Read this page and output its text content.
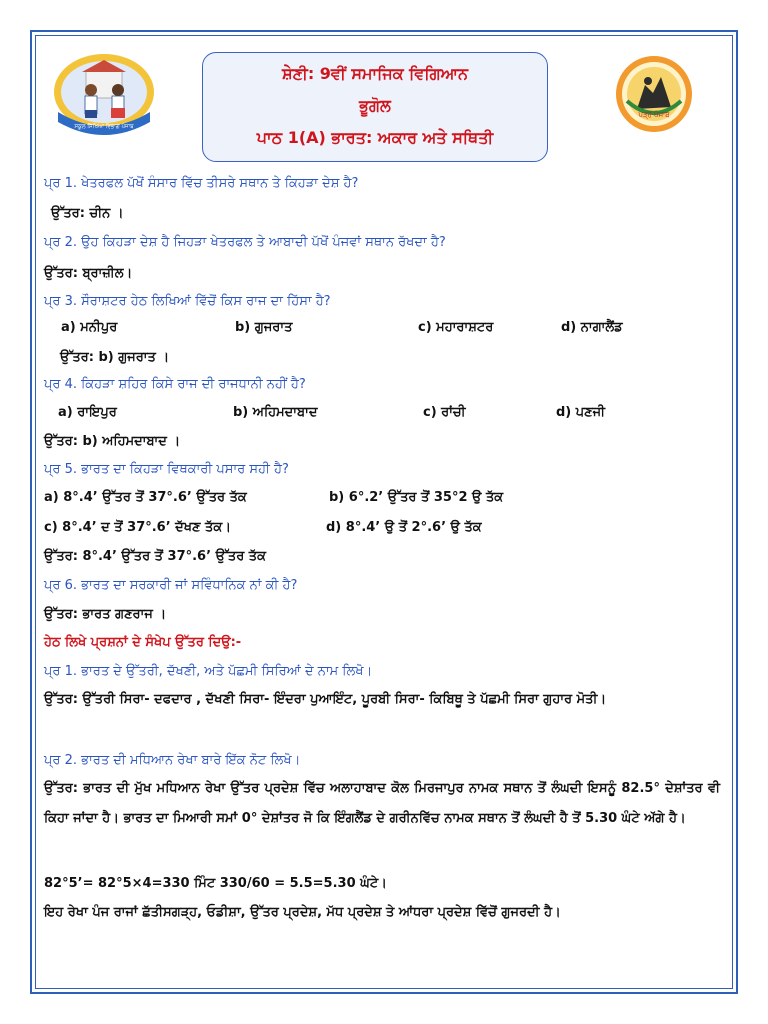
ਸਕੂਲ ਸਿੱਖਿਆ ਵਿਭਾਗ ਪੰਜਾਬ
ਸ਼ੇਣੀ: 9ਵੀਂ ਸਮਾਜਿਕ ਵਿਗਿਆਨ
ਭੂਗੋਲ
ਪਾਠ 1(A) ਭਾਰਤ: ਅਕਾਰ ਅਤੇ ਸਥਿਤੀ
ਪੜ੍ਹੋ ਪੰਜਾਬ
ਪ੍ਰ 1. ਖੇਤਰਫਲ ਪੱਖੋਂ ਸੰਸਾਰ ਵਿੱਚ ਤੀਸਰੇ ਸਥਾਨ ਤੇ ਕਿਹੜਾ ਦੇਸ਼ ਹੈ?
ਉੱਤਰ: ਚੀਨ ।
ਪ੍ਰ 2. ਉਹ ਕਿਹੜਾ ਦੇਸ਼ ਹੈ ਜਿਹੜਾ ਖੇਤਰਫਲ ਤੇ ਆਬਾਦੀ ਪੱਖੋਂ ਪੰਜਵਾਂ ਸਥਾਨ ਰੱਖਦਾ ਹੈ?
ਉੱਤਰ: ਬ੍ਰਾਜ਼ੀਲ।
ਪ੍ਰ 3. ਸੌਰਾਸ਼ਟਰ ਹੇਠ ਲਿਖਿਆਂ ਵਿੱਚੋਂ ਕਿਸ ਰਾਜ ਦਾ ਹਿੱਸਾ ਹੈ?
a) ਮਨੀਪੁਰ	b) ਗੁਜਰਾਤ	c) ਮਹਾਰਾਸ਼ਟਰ	d) ਨਾਗਾਲੈਂਡ
ਉੱਤਰ: b) ਗੁਜਰਾਤ ।
ਪ੍ਰ 4. ਕਿਹੜਾ ਸ਼ਹਿਰ ਕਿਸੇ ਰਾਜ ਦੀ ਰਾਜਧਾਨੀ ਨਹੀਂ ਹੈ?
a) ਰਾਇਪੁਰ	b) ਅਹਿਮਦਾਬਾਦ	c) ਰਾਂਚੀ	d) ਪਣਜੀ
ਉੱਤਰ: b) ਅਹਿਮਦਾਬਾਦ ।
ਪ੍ਰ 5. ਭਾਰਤ ਦਾ ਕਿਹੜਾ ਵਿਥਕਾਰੀ ਪਸਾਰ ਸਹੀ ਹੈ?
a) 8°.4’ ਉੱਤਰ ਤੋਂ 37°.6’ ਉੱਤਰ ਤੱਕ	b) 6°.2’ ਉੱਤਰ ਤੋਂ 35°2 ਉ ਤੱਕ
c) 8°.4’ ਦ ਤੋਂ 37°.6’ ਦੱਖਣ ਤੱਕ।	d) 8°.4’ ਉ ਤੋਂ 2°.6’ ਉ ਤੱਕ
ਉੱਤਰ: 8°.4’ ਉੱਤਰ ਤੋਂ 37°.6’ ਉੱਤਰ ਤੱਕ
ਪ੍ਰ 6. ਭਾਰਤ ਦਾ ਸਰਕਾਰੀ ਜਾਂ ਸਵਿੰਧਾਨਿਕ ਨਾਂ ਕੀ ਹੈ?
ਉੱਤਰ: ਭਾਰਤ ਗਣਰਾਜ ।
ਹੇਠ ਲਿਖੇ ਪ੍ਰਸ਼ਨਾਂ ਦੇ ਸੰਖੇਪ ਉੱਤਰ ਦਿਉ:-
ਪ੍ਰ 1. ਭਾਰਤ ਦੇ ਉੱਤਰੀ, ਦੱਖਣੀ, ਅਤੇ ਪੱਛਮੀ ਸਿਰਿਆਂ ਦੇ ਨਾਮ ਲਿਖੋ।
ਉੱਤਰ: ਉੱਤਰੀ ਸਿਰਾ- ਦਫਦਾਰ , ਦੱਖਣੀ ਸਿਰਾ- ਇੰਦਰਾ ਪੁਆਇੰਟ, ਪੂਰਬੀ ਸਿਰਾ- ਕਿਬਿਥੂ ਤੇ ਪੱਛਮੀ ਸਿਰਾ ਗੁਹਾਰ ਮੋਤੀ।
ਪ੍ਰ 2. ਭਾਰਤ ਦੀ ਮਧਿਆਨ ਰੇਖਾ ਬਾਰੇ ਇੱਕ ਨੋਟ ਲਿਖੋ।
ਉੱਤਰ: ਭਾਰਤ ਦੀ ਮੁੱਖ ਮਧਿਆਨ ਰੇਖਾ ਉੱਤਰ ਪ੍ਰਦੇਸ਼ ਵਿੱਚ ਅਲਾਹਾਬਾਦ ਕੋਲ ਮਿਰਜਾਪੁਰ ਨਾਮਕ ਸਥਾਨ ਤੋਂ ਲੰਘਦੀ ਇਸਨੂੰ 82.5° ਦੇਸ਼ਾਂਤਰ ਵੀ ਕਿਹਾ ਜਾਂਦਾ ਹੈ। ਭਾਰਤ ਦਾ ਮਿਆਰੀ ਸਮਾਂ 0° ਦੇਸ਼ਾਂਤਰ ਜੋ ਕਿ ਇੰਗਲੈਂਡ ਦੇ ਗਰੀਨਵਿੱਚ ਨਾਮਕ ਸਥਾਨ ਤੋਂ ਲੰਘਦੀ ਹੈ ਤੋਂ 5.30 ਘੰਟੇ ਅੱਗੇ ਹੈ।
82°5’= 82°5×4=330 ਮਿੰਟ 330/60 = 5.5=5.30 ਘੰਟੇ।
ਇਹ ਰੇਖਾ ਪੰਜ ਰਾਜਾਂ ਛੱਤੀਸਗੜ੍ਹ, ਓਡੀਸ਼ਾ, ਉੱਤਰ ਪ੍ਰਦੇਸ਼, ਮੱਧ ਪ੍ਰਦੇਸ਼ ਤੇ ਆਂਧਰਾ ਪ੍ਰਦੇਸ਼ ਵਿੱਚੋਂ ਗੁਜਰਦੀ ਹੈ।
